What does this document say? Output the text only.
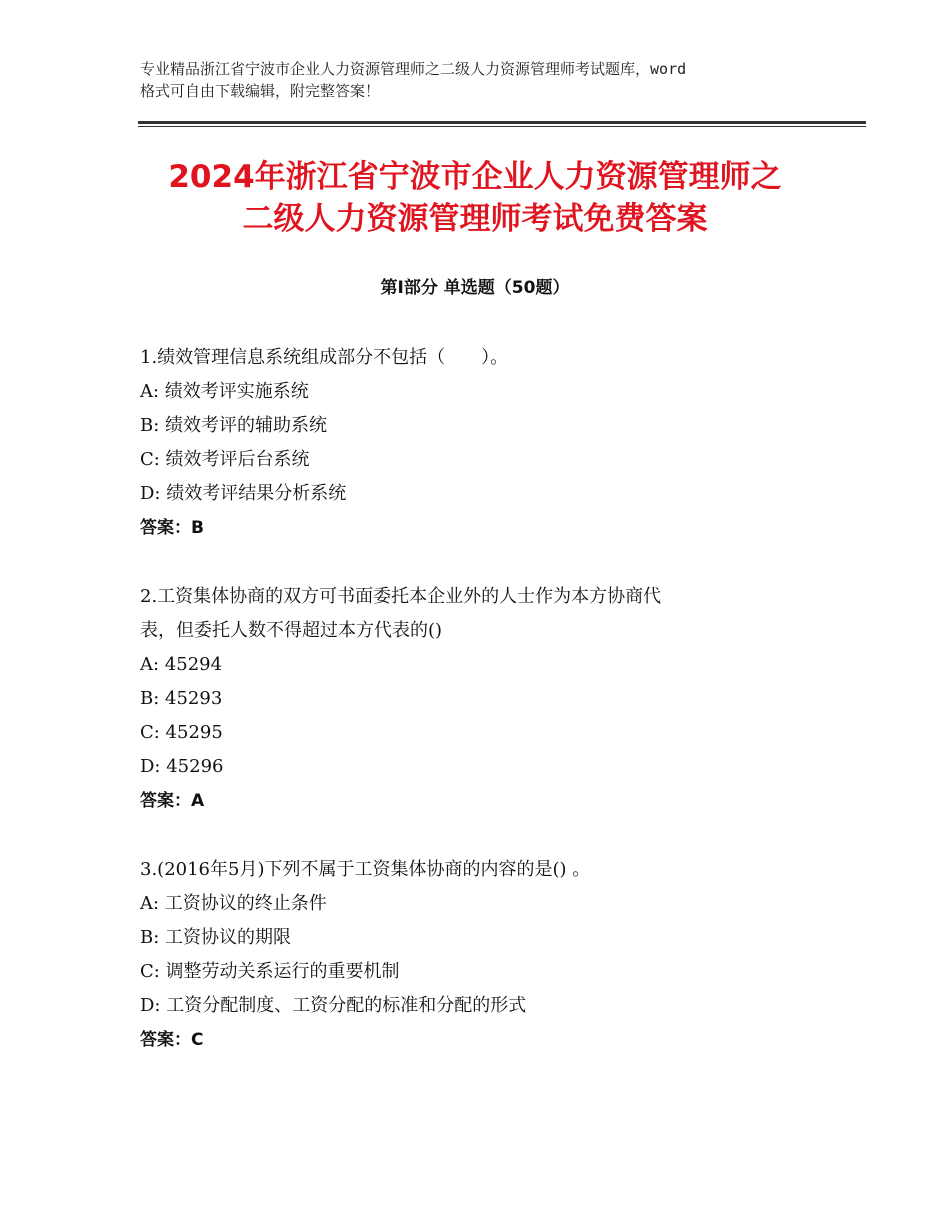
专业精品浙江省宁波市企业人力资源管理师之二级人力资源管理师考试题库，word
格式可自由下载编辑，附完整答案！
2024年浙江省宁波市企业人力资源管理师之
二级人力资源管理师考试免费答案
第Ⅰ部分 单选题（50题）
1.绩效管理信息系统组成部分不包括（　　）。
A: 绩效考评实施系统
B: 绩效考评的辅助系统
C: 绩效考评后台系统
D: 绩效考评结果分析系统
答案：B
2.工资集体协商的双方可书面委托本企业外的人士作为本方协商代
表，但委托人数不得超过本方代表的()
A: 45294
B: 45293
C: 45295
D: 45296
答案：A
3.(2016年5月)下列不属于工资集体协商的内容的是() 。
A: 工资协议的终止条件
B: 工资协议的期限
C: 调整劳动关系运行的重要机制
D: 工资分配制度、工资分配的标准和分配的形式
答案：C
